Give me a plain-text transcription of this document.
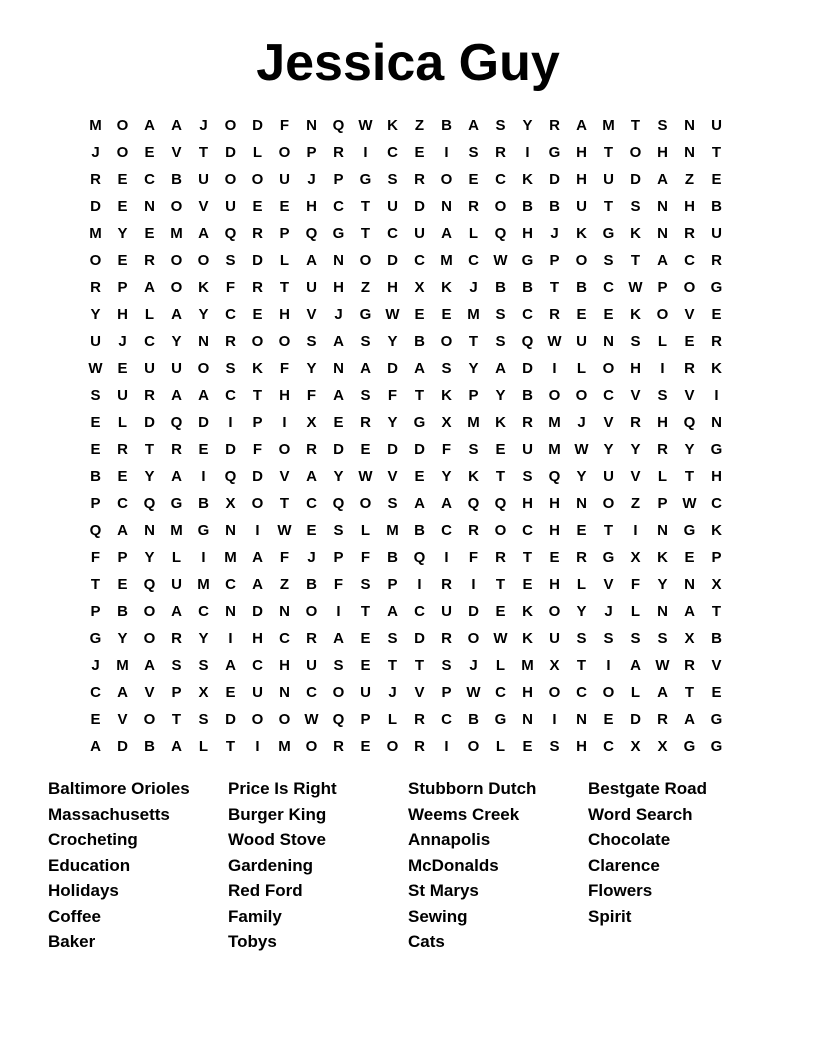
Jessica Guy
M O	A	A	J	O	D	F	N	Q W K	Z	B	A	S	Y	R	A	M	T	S	N	U
J	O	E	V	T	D	L	O	P	R	I	C	E	I	S	R	I	G	H	T	O	H	N	T
R	E	C	B	U	O	O	U	J	P	G	S	R	O	E	C	K	D	H	U	D	A	Z	E
D	E	N	O	V	U	E	E	H	C	T	U	D	N	R	O	B	B	U	T	S	N	H	B
M	Y	E	M	A	Q	R	P	Q	G	T	C	U	A	L	Q	H	J	K	G	K	N	R	U
O	E	R	O	O	S	D	L	A	N	O	D	C	M	C W G	P	O	S	T	A	C	R
R	P	A	O	K	F	R	T	U	H	Z	H	X	K	J	B	B	T	B	C W P	O	G
Y	H	L	A	Y	C	E	H	V	J	G W E	E	M	S	C	R	E	E	K	O	V	E
U	J	C	Y	N	R	O	O	S	A	S	Y	B	O	T	S	Q W U	N	S	L	E	R
W E	U	U	O	S	K	F	Y	N	A	D	A	S	Y	A	D	I	L	O	H	I	R	K
S	U	R	A	A	C	T	H	F	A	S	F	T	K	P	Y	B	O	O	C	V	S	V	I
E	L	D	Q	D	I	P	I	X	E	R	Y	G	X	M	K	R	M	J	V	R	H	Q	N
E	R	T	R	E	D	F	O	R	D	E	D	D	F	S	E	U	M W Y	Y	R	Y	G
B	E	Y	A	I	Q	D	V	A	Y W V	E	Y	K	T	S	Q	Y	U	V	L	T	H
P	C	Q	G	B	X	O	T	C	Q	O	S	A	A	Q	Q	H	H	N	O	Z	P W C
Q	A	N	M G	N	I	W E	S	L	M	B	C	R	O	C	H	E	T	I	N	G	K
F	P	Y	L	I	M	A	F	J	P	F	B	Q	I	F	R	T	E	R	G	X	K	E	P
T	E	Q	U	M	C	A	Z	B	F	S	P	I	R	I	T	E	H	L	V	F	Y	N	X
P	B	O	A	C	N	D	N	O	I	T	A	C	U	D	E	K	O	Y	J	L	N	A	T
G	Y	O	R	Y	I	H	C	R	A	E	S	D	R	O W K	U	S	S	S	S	X	B
J	M	A	S	S	A	C	H	U	S	E	T	T	S	J	L	M	X	T	I	A W R	V
C	A	V	P	X	E	U	N	C	O	U	J	V	P W C	H	O	C	O	L	A	T	E
E	V	O	T	S	D	O	O W Q	P	L	R	C	B	G	N	I	N	E	D	R	A	G
A	D	B	A	L	T	I	M O	R	E	O	R	I	O	L	E	S	H	C	X	X	G	G
Baltimore Orioles
Massachusetts
Crocheting
Education
Holidays
Coffee
Baker
Price Is Right
Burger King
Wood Stove
Gardening
Red Ford
Family
Tobys
Stubborn Dutch
Weems Creek
Annapolis
McDonalds
St Marys
Sewing
Cats
Bestgate Road
Word Search
Chocolate
Clarence
Flowers
Spirit
